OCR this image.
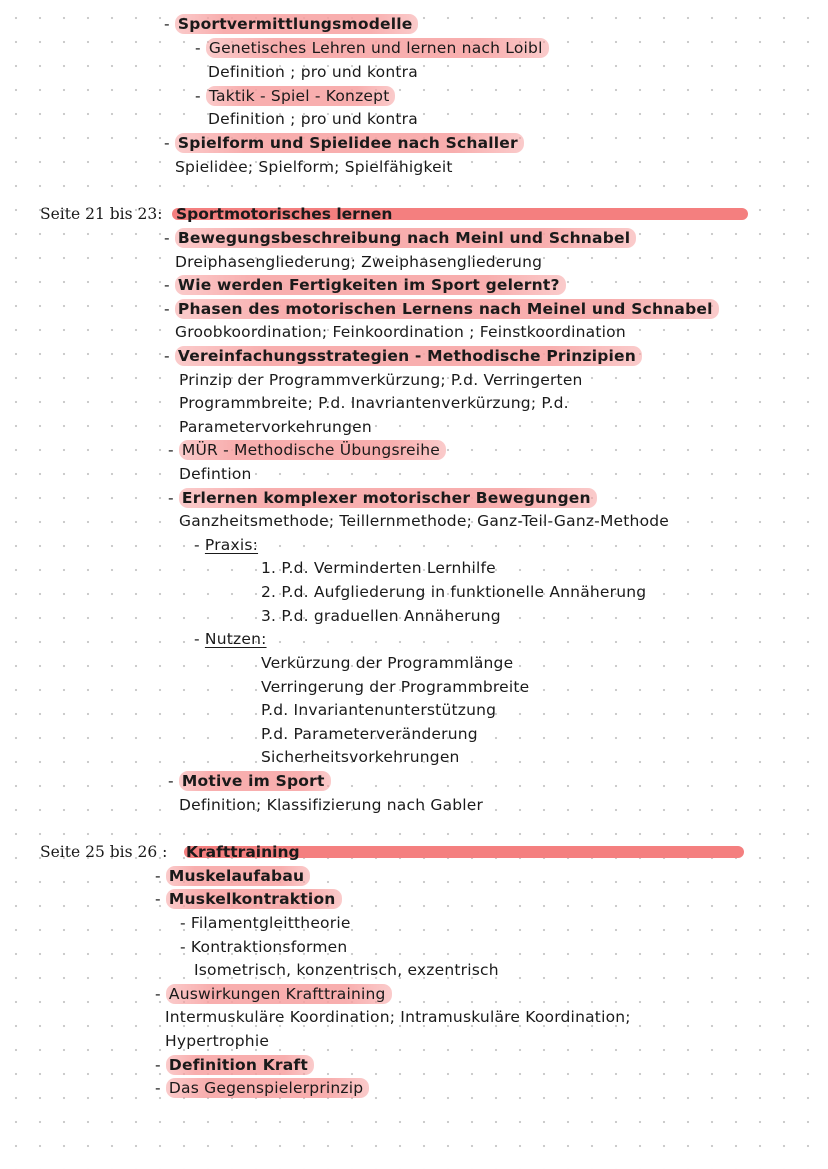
- Sportvermittlungsmodelle
- Genetisches Lehren und lernen nach Loibl
Definition ; pro und kontra
- Taktik - Spiel - Konzept
Definition ; pro und kontra
- Spielform und Spielidee nach Schaller
Spielidee; Spielform; Spielfähigkeit
Seite 21 bis 23: Sportmotorisches lernen
- Bewegungsbeschreibung nach Meinl und Schnabel
Dreiphasengliederung; Zweiphasengliederung
- Wie werden Fertigkeiten im Sport gelernt?
- Phasen des motorischen Lernens nach Meinel und Schnabel
Groobkoordination; Feinkoordination ; Feinstkoordination
- Vereinfachungsstrategien - Methodische Prinzipien
Prinzip der Programmverkürzung; P.d. Verringerten
Programmbreite; P.d. Inavriantenverkürzung; P.d.
Parametervorkehrungen
- MÜR - Methodische Übungsreihe
Defintion
- Erlernen komplexer motorischer Bewegungen
Ganzheitsmethode; Teillernmethode; Ganz-Teil-Ganz-Methode
- Praxis:
1. P.d. Verminderten Lernhilfe
2. P.d. Aufgliederung in funktionelle Annäherung
3. P.d. graduellen Annäherung
- Nutzen:
Verkürzung der Programmlänge
Verringerung der Programmbreite
P.d. Invariantenunterstützung
P.d. Parameterveränderung
Sicherheitsvorkehrungen
- Motive im Sport
Definition; Klassifizierung nach Gabler
Seite 25 bis 26 : Krafttraining
- Muskelaufabau
- Muskelkontraktion
- Filamentgleittheorie
- Kontraktionsformen
Isometrisch, konzentrisch, exzentrisch
- Auswirkungen Krafttraining
Intermuskuläre Koordination; Intramuskuläre Koordination;
Hypertrophie
- Definition Kraft
- Das Gegenspielerprinzip
